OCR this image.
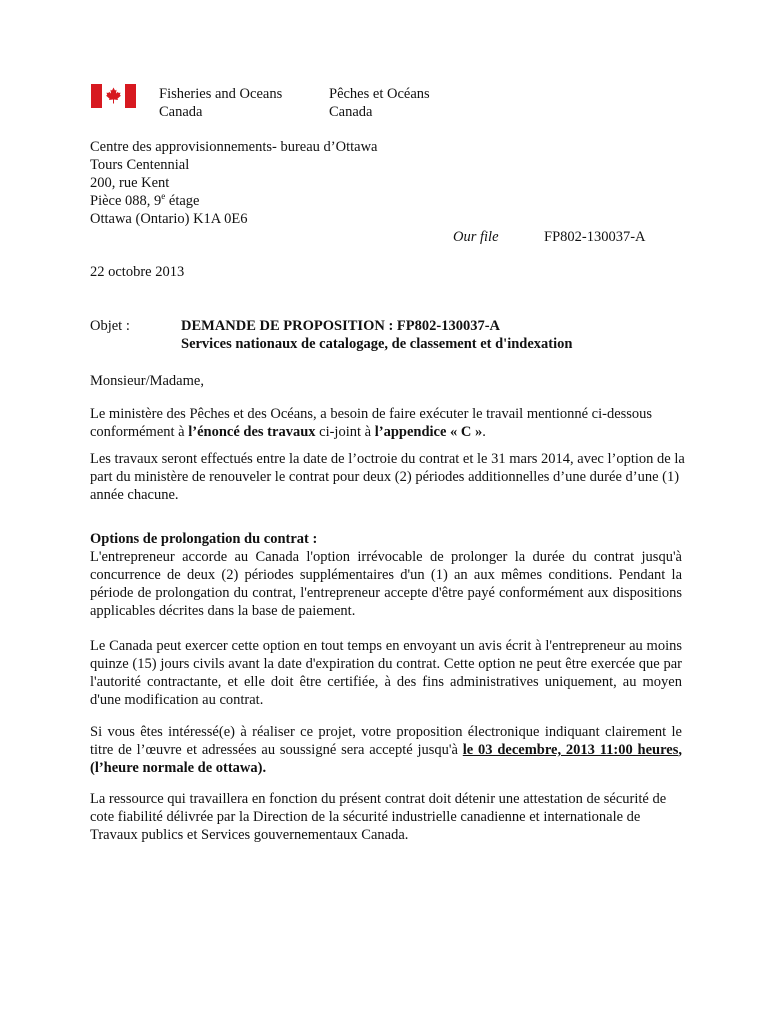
Fisheries and Oceans
Canada
Pêches et Océans
Canada
Centre des approvisionnements- bureau d’Ottawa
Tours Centennial
200, rue Kent
Pièce 088, 9e étage
Ottawa (Ontario) K1A 0E6
Our file	FP802-130037-A
22 octobre 2013
Objet :	DEMANDE DE PROPOSITION : FP802-130037-A
Services nationaux de catalogage, de classement et d'indexation
Monsieur/Madame,

Le ministère des Pêches et des Océans, a besoin de faire exécuter le travail mentionné ci-dessous conformément à l’énoncé des travaux ci-joint à l’appendice « C ».

Les travaux seront effectués entre la date de l’octroie du contrat et le 31 mars 2014, avec l’option de la part du ministère de renouveler le contrat pour deux (2) périodes additionnelles d’une durée d’une (1) année chacune.

Options de prolongation du contrat :

L'entrepreneur accorde au Canada l'option irrévocable de prolonger la durée du contrat jusqu'à concurrence de deux (2) périodes supplémentaires d'un (1) an aux mêmes conditions. Pendant la période de prolongation du contrat, l'entrepreneur accepte d'être payé conformément aux dispositions applicables décrites dans la base de paiement.

Le Canada peut exercer cette option en tout temps en envoyant un avis écrit à l'entrepreneur au moins quinze (15) jours civils avant la date d'expiration du contrat. Cette option ne peut être exercée que par l'autorité contractante, et elle doit être certifiée, à des fins administratives uniquement, au moyen d'une modification au contrat.

Si vous êtes intéressé(e) à réaliser ce projet, votre proposition électronique indiquant clairement le titre de l’œuvre et adressées au soussigné sera accepté jusqu'à le 03 decembre, 2013 11:00 heures, (l’heure normale de ottawa).

La ressource qui travaillera en fonction du présent contrat doit détenir une attestation de sécurité de cote fiabilité délivrée par la Direction de la sécurité industrielle canadienne et internationale de Travaux publics et Services gouvernementaux Canada.
